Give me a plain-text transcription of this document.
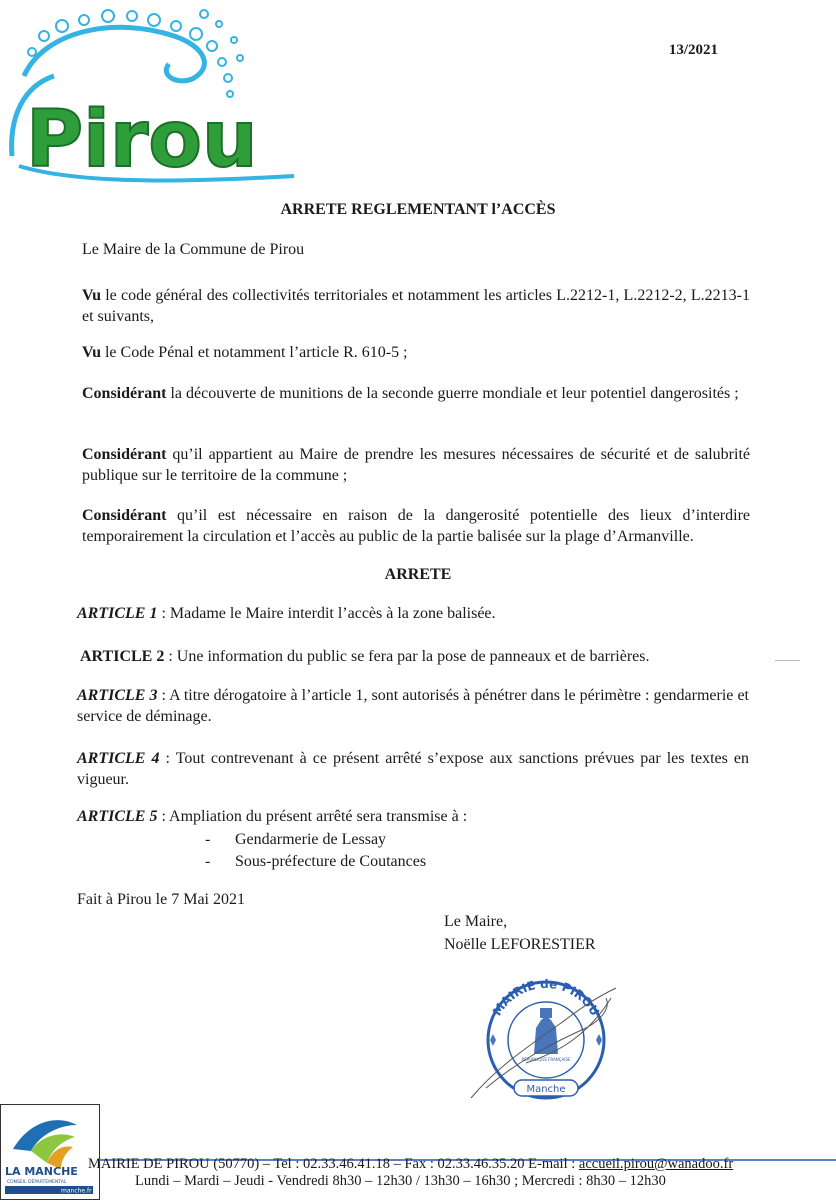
Pirou
13/2021
ARRETE REGLEMENTANT l’ACCÈS
Le Maire de la Commune de Pirou
Vu le code général des collectivités territoriales et notamment les articles L.2212-1, L.2212-2, L.2213-1 et suivants,
Vu le Code Pénal et notamment l’article R. 610-5 ;
Considérant la découverte de munitions de la seconde guerre mondiale et leur potentiel dangerosités ;
Considérant qu’il appartient au Maire de prendre les mesures nécessaires de sécurité et de salubrité publique sur le territoire de la commune ;
Considérant qu’il est nécessaire en raison de la dangerosité potentielle des lieux d’interdire temporairement la circulation et l’accès au public de la partie balisée sur la plage d’Armanville.
ARRETE
ARTICLE 1 : Madame le Maire interdit l’accès à la zone balisée.
ARTICLE 2 : Une information du public se fera par la pose de panneaux et de barrières.
ARTICLE 3 : A titre dérogatoire à l’article 1, sont autorisés à pénétrer dans le périmètre : gendarmerie et service de déminage.
ARTICLE 4 : Tout contrevenant à ce présent arrêté s’expose aux sanctions prévues par les textes en vigueur.
ARTICLE 5 : Ampliation du présent arrêté sera transmise à :
- Gendarmerie de Lessay
- Sous-préfecture de Coutances
Fait à Pirou le 7 Mai 2021
Le Maire,
Noëlle LEFORESTIER
MAIRIE de PIROU
Manche
RÉPUBLIQUE FRANÇAISE
LA MANCHE
CONSEIL DÉPARTEMENTAL
manche.fr
MAIRIE DE PIROU (50770) – Tel : 02.33.46.41.18 – Fax : 02.33.46.35.20 E-mail : accueil.pirou@wanadoo.fr
Lundi – Mardi – Jeudi - Vendredi 8h30 – 12h30 / 13h30 – 16h30 ; Mercredi : 8h30 – 12h30
